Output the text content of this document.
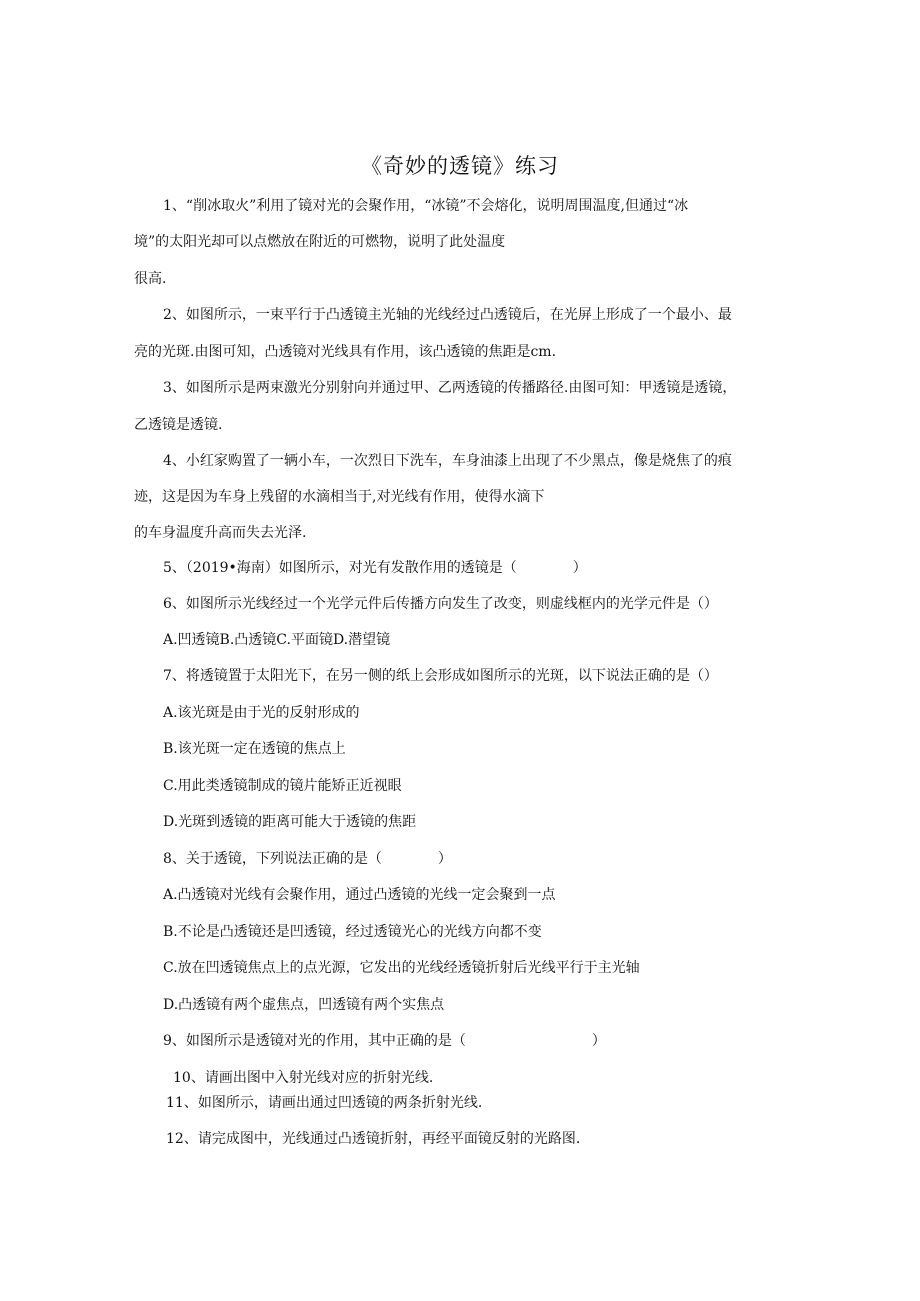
《奇妙的透镜》练习
1、“削冰取火”利用了镜对光的会聚作用，“冰镜”不会熔化，说明周围温度,但通过“冰
境”的太阳光却可以点燃放在附近的可燃物，说明了此处温度
很高.
2、如图所示，一束平行于凸透镜主光轴的光线经过凸透镜后，在光屏上形成了一个最小、最
亮的光斑.由图可知，凸透镜对光线具有作用，该凸透镜的焦距是cm.
3、如图所示是两束激光分别射向并通过甲、乙两透镜的传播路径.由图可知：甲透镜是透镜，
乙透镜是透镜.
4、小红家购置了一辆小车，一次烈日下洗车，车身油漆上出现了不少黑点，像是烧焦了的痕
迹，这是因为车身上残留的水滴相当于,对光线有作用，使得水滴下
的车身温度升高而失去光泽.
5、（2019•海南）如图所示，对光有发散作用的透镜是（　　　　）
6、如图所示光线经过一个光学元件后传播方向发生了改变，则虚线框内的光学元件是（）
A.凹透镜B.凸透镜C.平面镜D.潜望镜
7、将透镜置于太阳光下，在另一侧的纸上会形成如图所示的光斑，以下说法正确的是（）
A.该光斑是由于光的反射形成的
B.该光斑一定在透镜的焦点上
C.用此类透镜制成的镜片能矫正近视眼
D.光斑到透镜的距离可能大于透镜的焦距
8、关于透镜，下列说法正确的是（　　　　）
A.凸透镜对光线有会聚作用，通过凸透镜的光线一定会聚到一点
B.不论是凸透镜还是凹透镜，经过透镜光心的光线方向都不变
C.放在凹透镜焦点上的点光源，它发出的光线经透镜折射后光线平行于主光轴
D.凸透镜有两个虚焦点，凹透镜有两个实焦点
9、如图所示是透镜对光的作用，其中正确的是（　　　　　　　　　）
10、请画出图中入射光线对应的折射光线.
11、如图所示，请画出通过凹透镜的两条折射光线.
12、请完成图中，光线通过凸透镜折射，再经平面镜反射的光路图.
